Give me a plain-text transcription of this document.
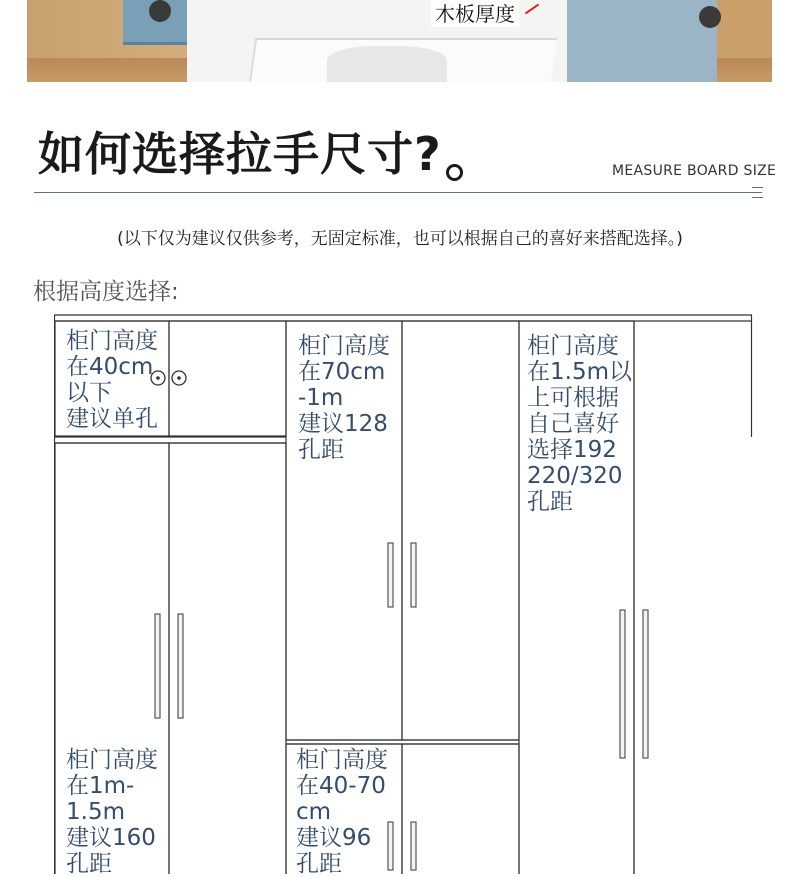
木板厚度
如何选择拉手尺寸?	MEASURE BOARD SIZE
(以下仅为建议仅供参考，无固定标准，也可以根据自己的喜好来搭配选择。)
根据高度选择:
柜门高度
在40cm
以下
建议单孔
柜门高度
在70cm
-1m
建议128
孔距
柜门高度
在1.5m以
上可根据
自己喜好
选择192
220/320
孔距
柜门高度
在1m-
1.5m
建议160
孔距
柜门高度
在40-70
cm
建议96
孔距
